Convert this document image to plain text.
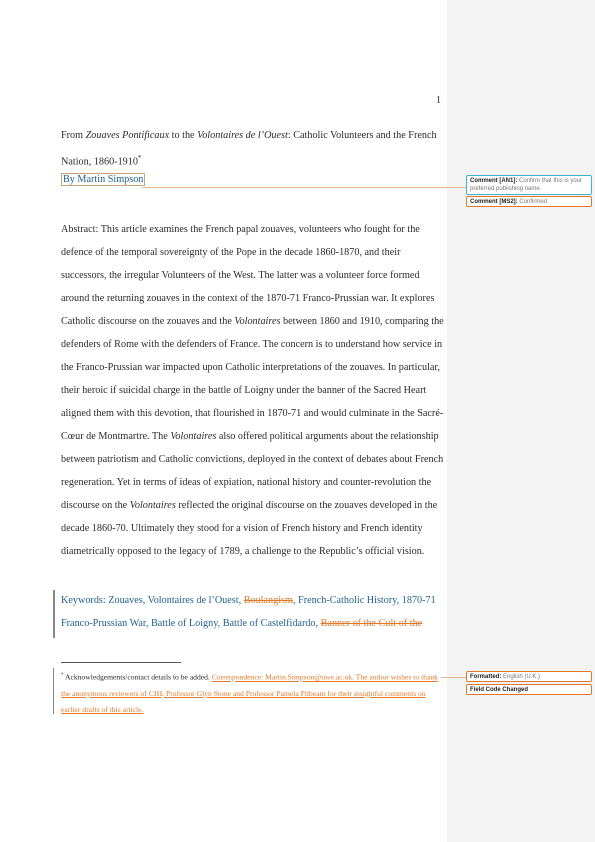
1
From Zouaves Pontificaux to the Volontaires de l’Ouest: Catholic Volunteers and the French Nation, 1860-1910*
By Martin Simpson
Abstract: This article examines the French papal zouaves, volunteers who fought for the defence of the temporal sovereignty of the Pope in the decade 1860-1870, and their successors, the irregular Volunteers of the West. The latter was a volunteer force formed around the returning zouaves in the context of the 1870-71 Franco-Prussian war. It explores Catholic discourse on the zouaves and the Volontaires between 1860 and 1910, comparing the defenders of Rome with the defenders of France. The concern is to understand how service in the Franco-Prussian war impacted upon Catholic interpretations of the zouaves. In particular, their heroic if suicidal charge in the battle of Loigny under the banner of the Sacred Heart aligned them with this devotion, that flourished in 1870-71 and would culminate in the Sacré-Cœur de Montmartre. The Volontaires also offered political arguments about the relationship between patriotism and Catholic convictions, deployed in the context of debates about French regeneration. Yet in terms of ideas of expiation, national history and counter-revolution the discourse on the Volontaires reflected the original discourse on the zouaves developed in the decade 1860-70. Ultimately they stood for a vision of French history and French identity diametrically opposed to the legacy of 1789, a challenge to the Republic’s official vision.
Keywords: Zouaves, Volontaires de l’Ouest, Boulangism, French-Catholic History, 1870-71 Franco-Prussian War, Battle of Loigny, Battle of Castelfidardo, Banner of the Cult of the
* Acknowledgements/contact details to be added. Correspondence: Martin.Simpson@uwe.ac.uk. The author wishes to thank the anonymous reviewers of CJH, Professor Glyn Stone and Professor Pamela Pilbeam for their insightful comments on earlier drafts of this article.
Comment [AN1]: Confirm that this is your preferred publishing name.
Comment [MS2]: Confirmed
Formatted: English (U.K.)
Field Code Changed
